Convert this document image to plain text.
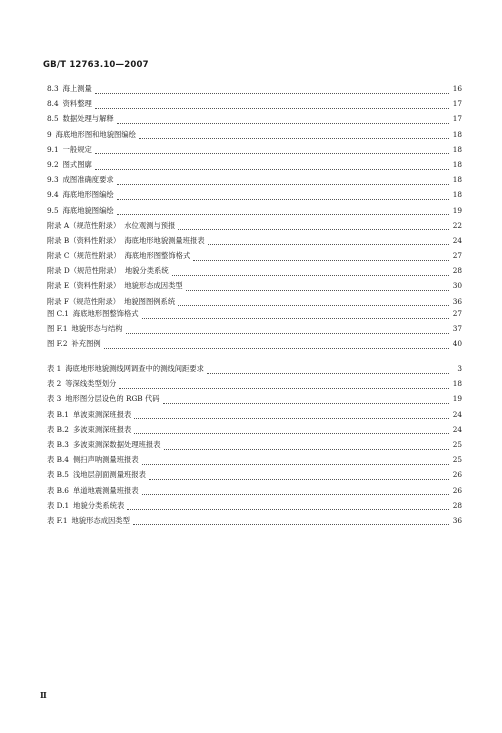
GB/T 12763.10—2007
8.3 海上测量	16
8.4 资料整理	17
8.5 数据处理与解释	17
9 海底地形图和地貌图编绘	18
9.1 一般规定	18
9.2 图式图廓	18
9.3 成图准确度要求	18
9.4 海底地形图编绘	18
9.5 海底地貌图编绘	19
附录 A（规范性附录） 水位观测与预报	22
附录 B（资料性附录） 海底地形地貌测量班报表	24
附录 C（规范性附录） 海底地形图整饰格式	27
附录 D（规范性附录） 地貌分类系统	28
附录 E（资料性附录） 地貌形态成因类型	30
附录 F（规范性附录） 地貌图图例系统	36
图 C.1 海底地形图整饰格式	27
图 F.1 地貌形态与结构	37
图 F.2 补充图例	40
表 1 海底地形地貌测线网调查中的测线间距要求	3
表 2 等深线类型划分	18
表 3 地形图分层设色的 RGB 代码	19
表 B.1 单波束测深班报表	24
表 B.2 多波束测深班报表	24
表 B.3 多波束测深数据处理班报表	25
表 B.4 侧扫声呐测量班报表	25
表 B.5 浅地层剖面测量班报表	26
表 B.6 单道地震测量班报表	26
表 D.1 地貌分类系统表	28
表 F.1 地貌形态成因类型	36
Ⅱ
